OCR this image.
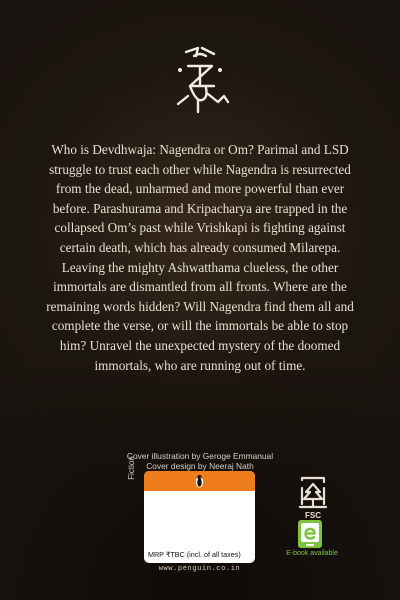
Who is Devdhwaja: Nagendra or Om? Parimal and LSD struggle to trust each other while Nagendra is resurrected from the dead, unharmed and more powerful than ever before. Parashurama and Kripacharya are trapped in the collapsed Om’s past while Vrishkapi is fighting against certain death, which has already consumed Milarepa. Leaving the mighty Ashwatthama clueless, the other immortals are dismantled from all fronts. Where are the remaining words hidden? Will Nagendra find them all and complete the verse, or will the immortals be able to stop him? Unravel the unexpected mystery of the doomed immortals, who are running out of time.

Cover illustration by Geroge Emmanual
Cover design by Neeraj Nath
Fiction
MRP ₹TBC (incl. of all taxes)
www.penguin.co.in
FSC
E-book available
